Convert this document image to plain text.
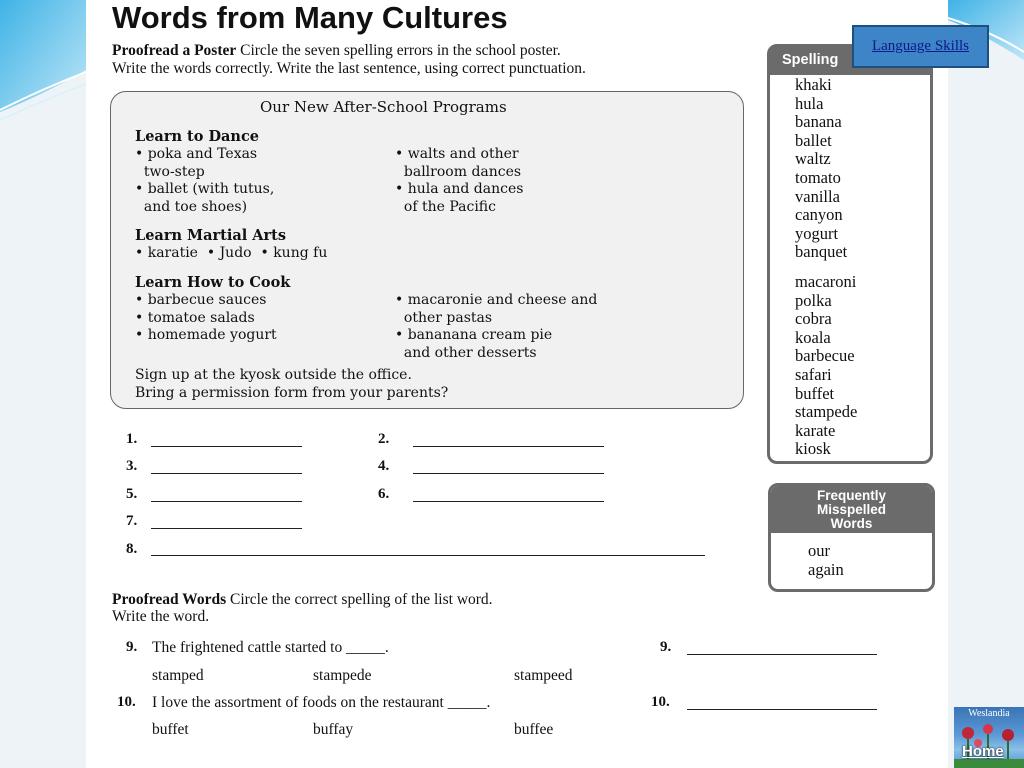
Words from Many Cultures
Proofread a Poster Circle the seven spelling errors in the school poster.
Write the words correctly. Write the last sentence, using correct punctuation.
Our New After-School Programs
Learn to Dance
• poka and Texas
two-step
• ballet (with tutus,
and toe shoes)
• walts and other
ballroom dances
• hula and dances
of the Pacific
Learn Martial Arts
• karatie  • Judo  • kung fu
Learn How to Cook
• barbecue sauces
• tomatoe salads
• homemade yogurt
• macaronie and cheese and
other pastas
• banananа cream pie
and other desserts
Sign up at the kyosk outside the office.
Bring a permission form from your parents?
1.	2.
3.	4.
5.	6.
7.
8.
Spelling
khaki
hula
banana
ballet
waltz
tomato
vanilla
canyon
yogurt
banquet
macaroni
polka
cobra
koala
barbecue
safari
buffet
stampede
karate
kiosk
Frequently
Misspelled
Words
our
again
Language Skills
Proofread Words Circle the correct spelling of the list word.
Write the word.
9. The frightened cattle started to _____.	9.
stamped	stampede	stampeed
10. I love the assortment of foods on the restaurant _____.	10.
buffet	buffay	buffee
Weslandia
Home
